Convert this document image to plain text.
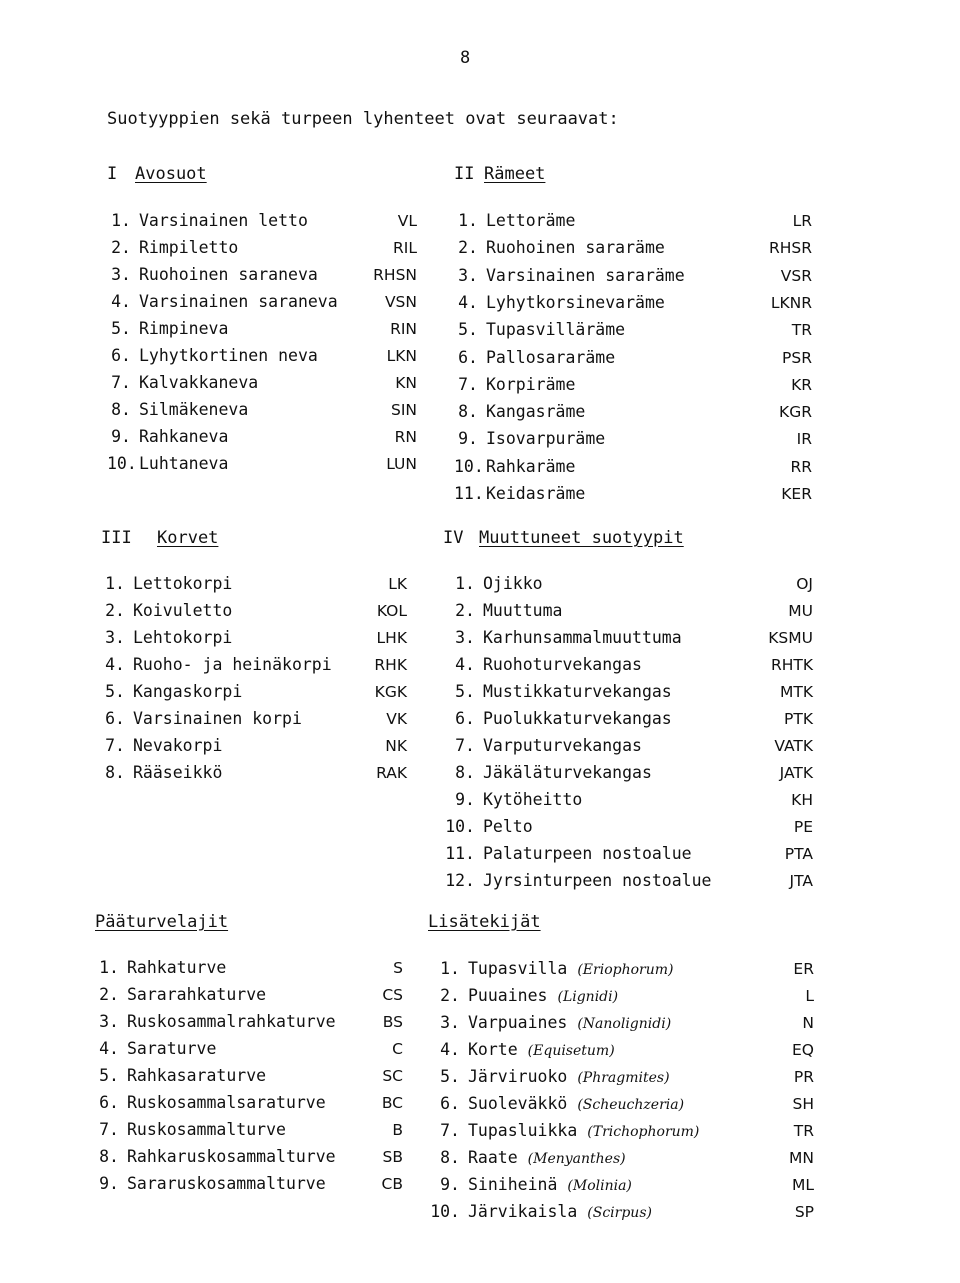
8
Suotyyppien sekä turpeen lyhenteet ovat seuraavat:
I Avosuot
1. Varsinainen letto	VL
2. Rimpiletto	RIL
3. Ruohoinen saraneva	RHSN
4. Varsinainen saraneva	VSN
5. Rimpineva	RIN
6. Lyhytkortinen neva	LKN
7. Kalvakkaneva	KN
8. Silmäkeneva	SIN
9. Rahkaneva	RN
10. Luhtaneva	LUN
II Rämeet
1. Lettoräme	LR
2. Ruohoinen sararäme	RHSR
3. Varsinainen sararäme	VSR
4. Lyhytkorsinevaräme	LKNR
5. Tupasvilläräme	TR
6. Pallosararäme	PSR
7. Korpiräme	KR
8. Kangasräme	KGR
9. Isovarpuräme	IR
10. Rahkaräme	RR
11. Keidasräme	KER
III Korvet
1. Lettokorpi	LK
2. Koivuletto	KOL
3. Lehtokorpi	LHK
4. Ruoho- ja heinäkorpi	RHK
5. Kangaskorpi	KGK
6. Varsinainen korpi	VK
7. Nevakorpi	NK
8. Rääseikkö	RAK
IV Muuttuneet suotyypit
1. Ojikko	OJ
2. Muuttuma	MU
3. Karhunsammalmuuttuma	KSMU
4. Ruohoturvekangas	RHTK
5. Mustikkaturvekangas	MTK
6. Puolukkaturvekangas	PTK
7. Varputurvekangas	VATK
8. Jäkäläturvekangas	JATK
9. Kytöheitto	KH
10. Pelto	PE
11. Palaturpeen nostoalue	PTA
12. Jyrsinturpeen nostoalue	JTA
Pääturvelajit
1. Rahkaturve	S
2. Sararahkaturve	CS
3. Ruskosammalrahkaturve	BS
4. Saraturve	C
5. Rahkasaraturve	SC
6. Ruskosammalsaraturve	BC
7. Ruskosammalturve	B
8. Rahkaruskosammalturve	SB
9. Sararuskosammalturve	CB
Lisätekijät
1. Tupasvilla (Eriophorum)	ER
2. Puuaines (Lignidi)	L
3. Varpuaines (Nanolignidi)	N
4. Korte (Equisetum)	EQ
5. Järviruoko (Phragmites)	PR
6. Suoleväkkö (Scheuchzeria)	SH
7. Tupasluikka (Trichophorum)	TR
8. Raate (Menyanthes)	MN
9. Siniheinä (Molinia)	ML
10. Järvikaisla (Scirpus)	SP
